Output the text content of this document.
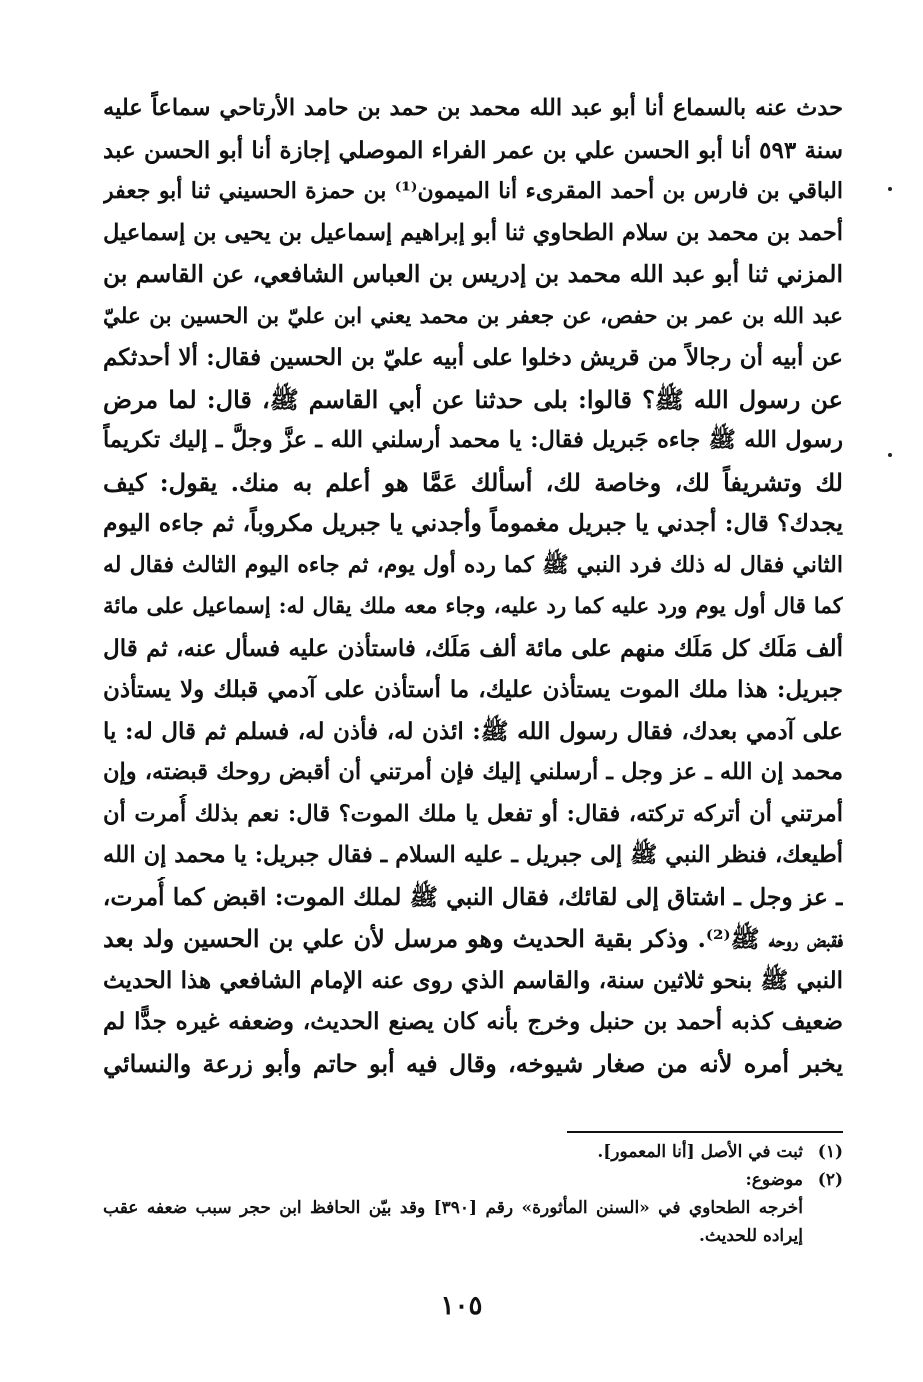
حدث عنه بالسماع أنا أبو عبد الله محمد بن حمد بن حامد الأرتاحي سماعاً عليه
سنة ٥٩٣ أنا أبو الحسن علي بن عمر الفراء الموصلي إجازة أنا أبو الحسن عبد
الباقي بن فارس بن أحمد المقرىء أنا الميمون⁽¹⁾ بن حمزة الحسيني ثنا أبو جعفر
أحمد بن محمد بن سلام الطحاوي ثنا أبو إبراهيم إسماعيل بن يحيى بن إسماعيل
المزني ثنا أبو عبد الله محمد بن إدريس بن العباس الشافعي، عن القاسم بن
عبد الله بن عمر بن حفص، عن جعفر بن محمد يعني ابن عليّ بن الحسين بن عليّ
عن أبيه أن رجالاً من قريش دخلوا على أبيه عليّ بن الحسين فقال: ألا أحدثكم
عن رسول الله ﷺ؟ قالوا: بلى حدثنا عن أبي القاسم ﷺ، قال: لما مرض
رسول الله ﷺ جاءه جَبريل فقال: يا محمد أرسلني الله ـ عزَّ وجلَّ ـ إليك تكريماً
لك وتشريفاً لك، وخاصة لك، أسألك عَمَّا هو أعلم به منك. يقول: كيف
يجدك؟ قال: أجدني يا جبريل مغموماً وأجدني يا جبريل مكروباً، ثم جاءه اليوم
الثاني فقال له ذلك فرد النبي ﷺ كما رده أول يوم، ثم جاءه اليوم الثالث فقال له
كما قال أول يوم ورد عليه كما رد عليه، وجاء معه ملك يقال له: إسماعيل على مائة
ألف مَلَك كل مَلَك منهم على مائة ألف مَلَك، فاستأذن عليه فسأل عنه، ثم قال
جبريل: هذا ملك الموت يستأذن عليك، ما أستأذن على آدمي قبلك ولا يستأذن
على آدمي بعدك، فقال رسول الله ﷺ: ائذن له، فأذن له، فسلم ثم قال له: يا
محمد إن الله ـ عز وجل ـ أرسلني إليك فإن أمرتني أن أقبض روحك قبضته، وإن
أمرتني أن أتركه تركته، فقال: أو تفعل يا ملك الموت؟ قال: نعم بذلك أُمرت أن
أطيعك، فنظر النبي ﷺ إلى جبريل ـ عليه السلام ـ فقال جبريل: يا محمد إن الله
ـ عز وجل ـ اشتاق إلى لقائك، فقال النبي ﷺ لملك الموت: اقبض كما أُمرت،
فقبض روحه ﷺ⁽²⁾. وذكر بقية الحديث وهو مرسل لأن علي بن الحسين ولد بعد
النبي ﷺ بنحو ثلاثين سنة، والقاسم الذي روى عنه الإمام الشافعي هذا الحديث
ضعيف كذبه أحمد بن حنبل وخرج بأنه كان يصنع الحديث، وضعفه غيره جدًّا لم
يخبر أمره لأنه من صغار شيوخه، وقال فيه أبو حاتم وأبو زرعة والنسائي
(١)ثبت في الأصل [أنا المعمور].
(٢)موضوع:
أخرجه الطحاوي في «السنن المأثورة» رقم [٣٩٠] وقد بيّن الحافظ ابن حجر سبب ضعفه عقب
إيراده للحديث.
١٠٥
